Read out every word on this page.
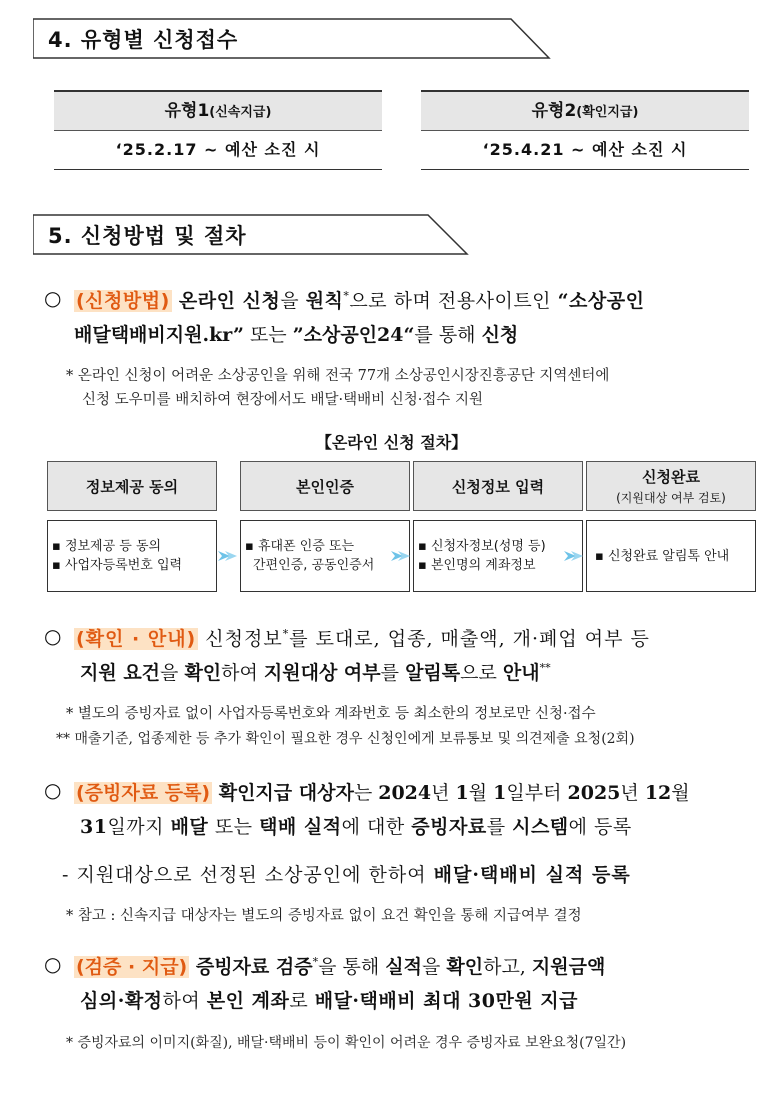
4. 유형별 신청접수
유형1(신속지급)
‘25.2.17 ~ 예산 소진 시
유형2(확인지급)
‘25.4.21 ~ 예산 소진 시
5. 신청방법 및 절차
○ (신청방법) 온라인 신청을 원칙*으로 하며 전용사이트인 “소상공인
배달택배비지원.kr” 또는 ”소상공인24“를 통해 신청
* 온라인 신청이 어려운 소상공인을 위해 전국 77개 소상공인시장진흥공단 지역센터에
신청 도우미를 배치하여 현장에서도 배달·택배비 신청·접수 지원
【온라인 신청 절차】
정보제공 동의	본인인증	신청정보 입력
신청완료
(지원대상 여부 검토)
▪ 정보제공 등 동의
▪ 사업자등록번호 입력
▪ 휴대폰 인증 또는
간편인증, 공동인증서
▪ 신청자정보(성명 등)
▪ 본인명의 계좌정보
▪ 신청완료 알림톡 안내
○ (확인 · 안내) 신청정보*를 토대로, 업종, 매출액, 개·폐업 여부 등
지원 요건을 확인하여 지원대상 여부를 알림톡으로 안내**
* 별도의 증빙자료 없이 사업자등록번호와 계좌번호 등 최소한의 정보로만 신청·접수
** 매출기준, 업종제한 등 추가 확인이 필요한 경우 신청인에게 보류통보 및 의견제출 요청(2회)
○ (증빙자료 등록) 확인지급 대상자는 2024년 1월 1일부터 2025년 12월
31일까지 배달 또는 택배 실적에 대한 증빙자료를 시스템에 등록
- 지원대상으로 선정된 소상공인에 한하여 배달·택배비 실적 등록
* 참고 : 신속지급 대상자는 별도의 증빙자료 없이 요건 확인을 통해 지급여부 결정
○ (검증 · 지급) 증빙자료 검증*을 통해 실적을 확인하고, 지원금액
심의·확정하여 본인 계좌로 배달·택배비 최대 30만원 지급
* 증빙자료의 이미지(화질), 배달·택배비 등이 확인이 어려운 경우 증빙자료 보완요청(7일간)
